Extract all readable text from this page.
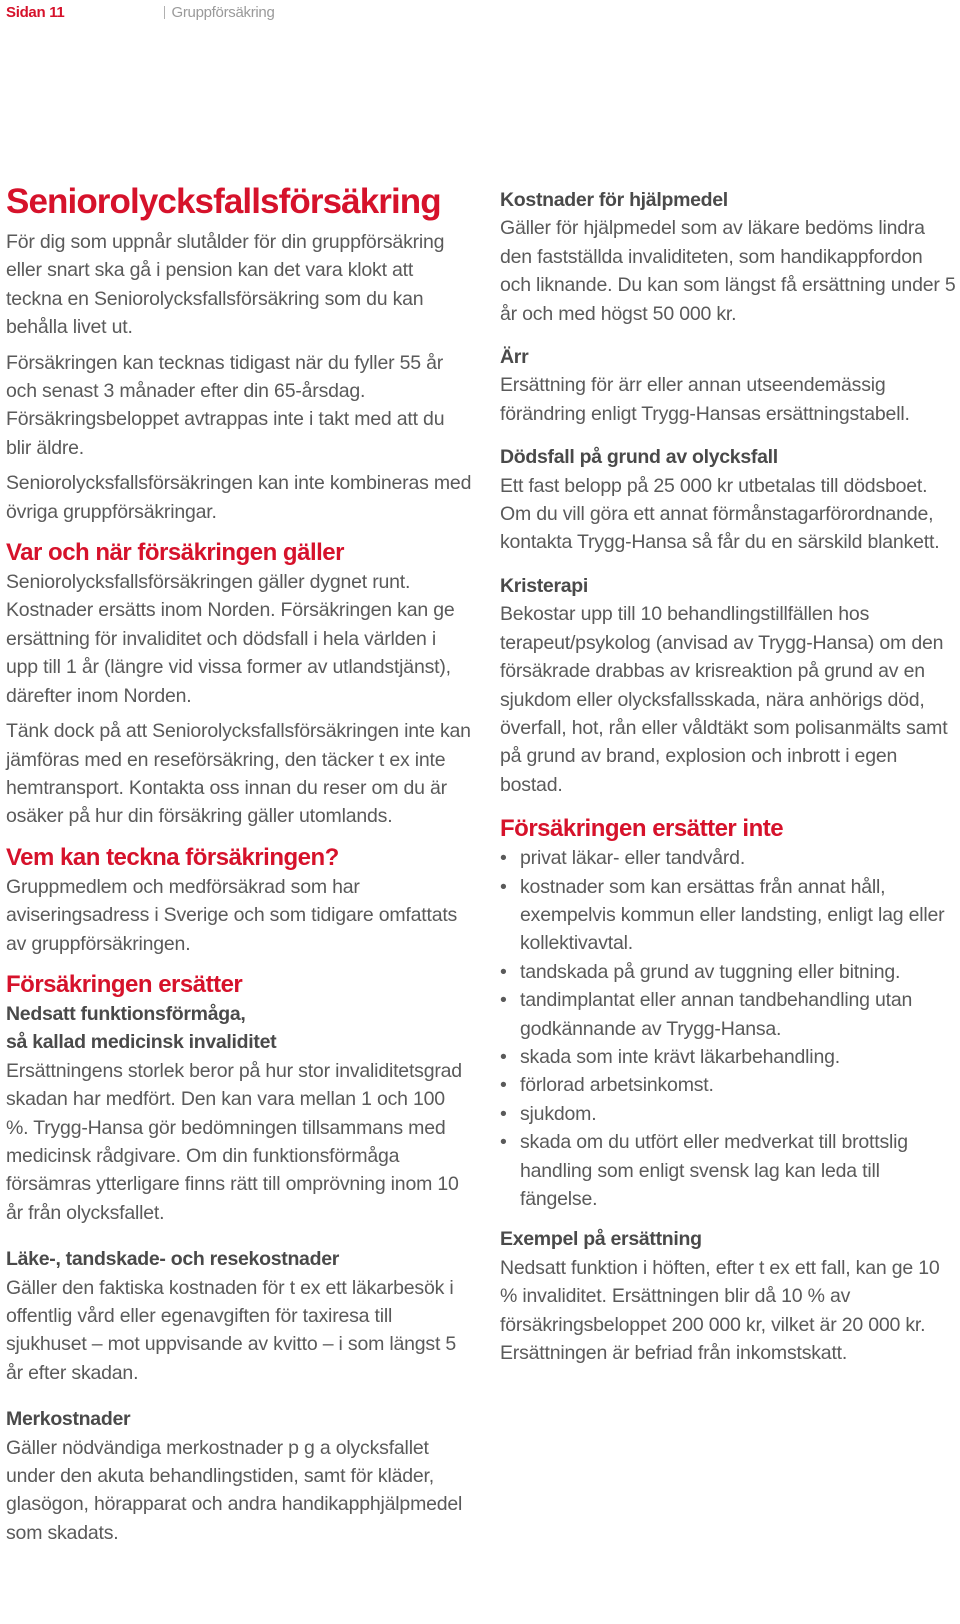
Sidan 11	Gruppförsäkring
Seniorolycksfallsförsäkring

För dig som uppnår slutålder för din gruppförsäkring eller snart ska gå i pension kan det vara klokt att teckna en Seniorolycksfallsförsäkring som du kan behålla livet ut.

Försäkringen kan tecknas tidigast när du fyller 55 år och senast 3 månader efter din 65-årsdag. Försäkringsbeloppet avtrappas inte i takt med att du blir äldre.

Seniorolycksfallsförsäkringen kan inte kombineras med övriga gruppförsäkringar.

Var och när försäkringen gäller

Seniorolycksfallsförsäkringen gäller dygnet runt. Kostnader ersätts inom Norden. Försäkringen kan ge ersättning för invaliditet och dödsfall i hela världen i upp till 1 år (längre vid vissa former av utlandstjänst), därefter inom Norden.

Tänk dock på att Seniorolycksfallsförsäkringen inte kan jämföras med en reseförsäkring, den täcker t ex inte hemtransport. Kontakta oss innan du reser om du är osäker på hur din försäkring gäller utomlands.

Vem kan teckna försäkringen?

Gruppmedlem och medförsäkrad som har aviseringsadress i Sverige och som tidigare omfattats av gruppförsäkringen.

Försäkringen ersätter
Nedsatt funktionsförmåga,
så kallad medicinsk invaliditet

Ersättningens storlek beror på hur stor invaliditetsgrad skadan har medfört. Den kan vara mellan 1 och 100 %. Trygg-Hansa gör bedömningen tillsammans med medicinsk rådgivare. Om din funktionsförmåga försämras ytterligare finns rätt till omprövning inom 10 år från olycksfallet.

Läke-, tandskade- och resekostnader

Gäller den faktiska kostnaden för t ex ett läkarbesök i offentlig vård eller egenavgiften för taxiresa till sjukhuset – mot uppvisande av kvitto – i som längst 5 år efter skadan.

Merkostnader

Gäller nödvändiga merkostnader p g a olycksfallet under den akuta behandlingstiden, samt för kläder, glasögon, hörapparat och andra handikapphjälpmedel som skadats.

Kostnader för hjälpmedel

Gäller för hjälpmedel som av läkare bedöms lindra den fastställda invaliditeten, som handikappfordon och liknande. Du kan som längst få ersättning under 5 år och med högst 50 000 kr.

Ärr

Ersättning för ärr eller annan utseendemässig förändring enligt Trygg-Hansas ersättningstabell.

Dödsfall på grund av olycksfall

Ett fast belopp på 25 000 kr utbetalas till dödsboet. Om du vill göra ett annat förmånstagarförordnande, kontakta Trygg-Hansa så får du en särskild blankett.

Kristerapi

Bekostar upp till 10 behandlingstillfällen hos terapeut/psykolog (anvisad av Trygg-Hansa) om den försäkrade drabbas av krisreaktion på grund av en sjukdom eller olycksfallsskada, nära anhörigs död, överfall, hot, rån eller våldtäkt som polisanmälts samt på grund av brand, explosion och inbrott i egen bostad.

Försäkringen ersätter inte
• privat läkar- eller tandvård.
• kostnader som kan ersättas från annat håll, exempelvis kommun eller landsting, enligt lag eller kollektivavtal.
• tandskada på grund av tuggning eller bitning.
• tandimplantat eller annan tandbehandling utan godkännande av Trygg-Hansa.
• skada som inte krävt läkarbehandling.
• förlorad arbetsinkomst.
• sjukdom.
• skada om du utfört eller medverkat till brottslig handling som enligt svensk lag kan leda till fängelse.
Exempel på ersättning

Nedsatt funktion i höften, efter t ex ett fall, kan ge 10 % invaliditet. Ersättningen blir då 10 % av försäkringsbeloppet 200 000 kr, vilket är 20 000 kr. Ersättningen är befriad från inkomstskatt.
